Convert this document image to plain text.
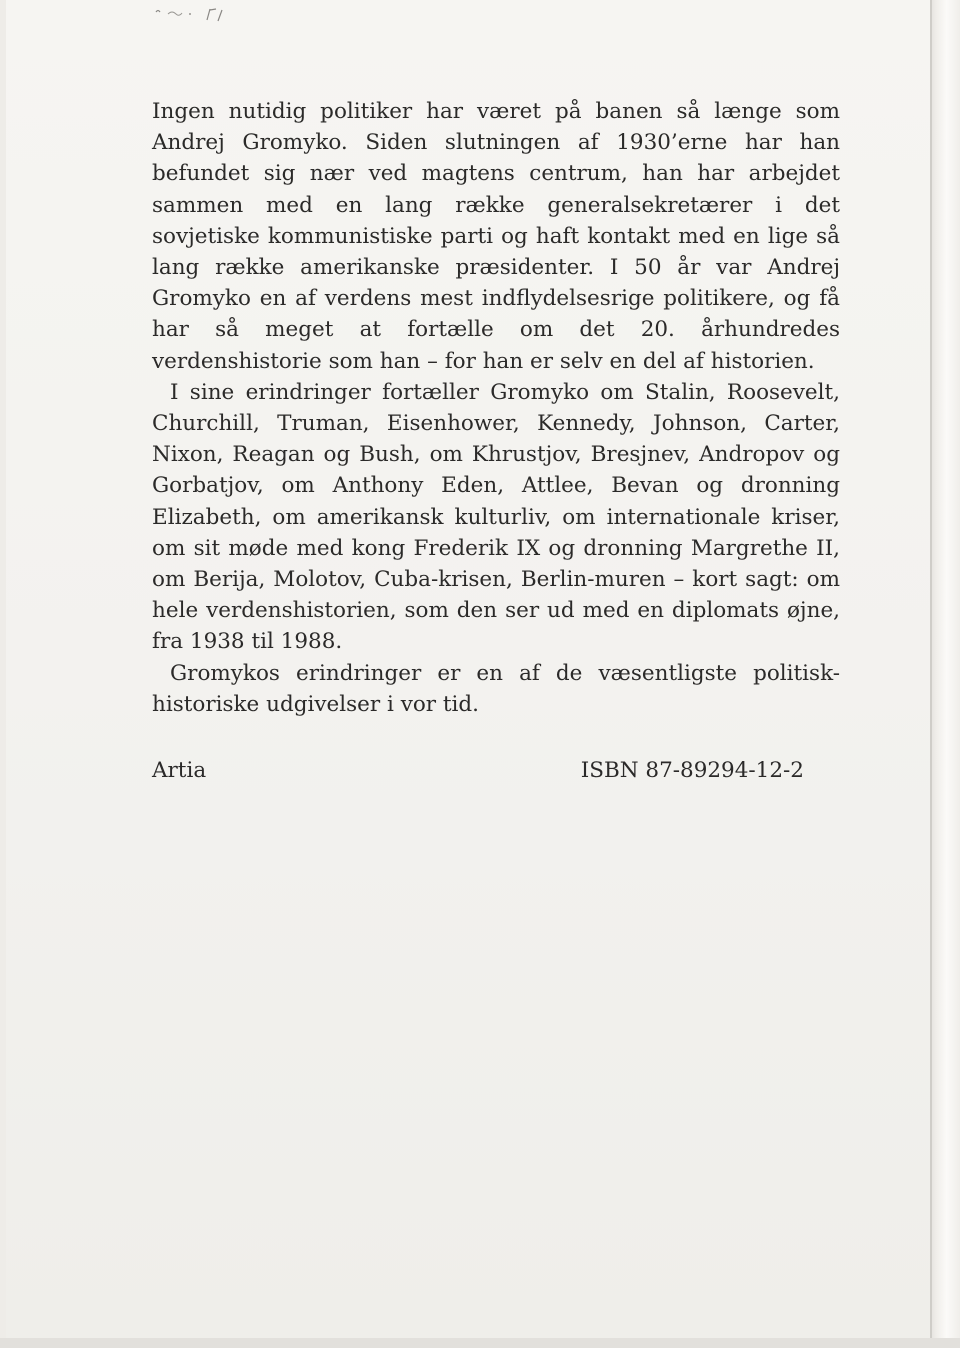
Ingen nutidig politiker har været på banen så længe som Andrej Gromyko. Siden slutningen af 1930’erne har han befundet sig nær ved magtens centrum, han har arbejdet sammen med en lang række generalsekretærer i det sovjetiske kommunistiske parti og haft kontakt med en lige så lang række amerikanske præsidenter. I 50 år var Andrej Gromyko en af verdens mest indflydelsesrige politikere, og få har så meget at fortælle om det 20. århundredes verdenshistorie som han – for han er selv en del af historien.

I sine erindringer fortæller Gromyko om Stalin, Roosevelt, Churchill, Truman, Eisenhower, Kennedy, Johnson, Carter, Nixon, Reagan og Bush, om Khrustjov, Bresjnev, Andropov og Gorbatjov, om Anthony Eden, Attlee, Bevan og dronning Elizabeth, om amerikansk kulturliv, om internationale kriser, om sit møde med kong Frederik IX og dronning Margrethe II, om Berija, Molotov, Cuba-krisen, Berlin-muren – kort sagt: om hele verdenshistorien, som den ser ud med en diplomats øjne, fra 1938 til 1988.

Gromykos erindringer er en af de væsentligste politisk-historiske udgivelser i vor tid.

Artia	ISBN 87-89294-12-2
